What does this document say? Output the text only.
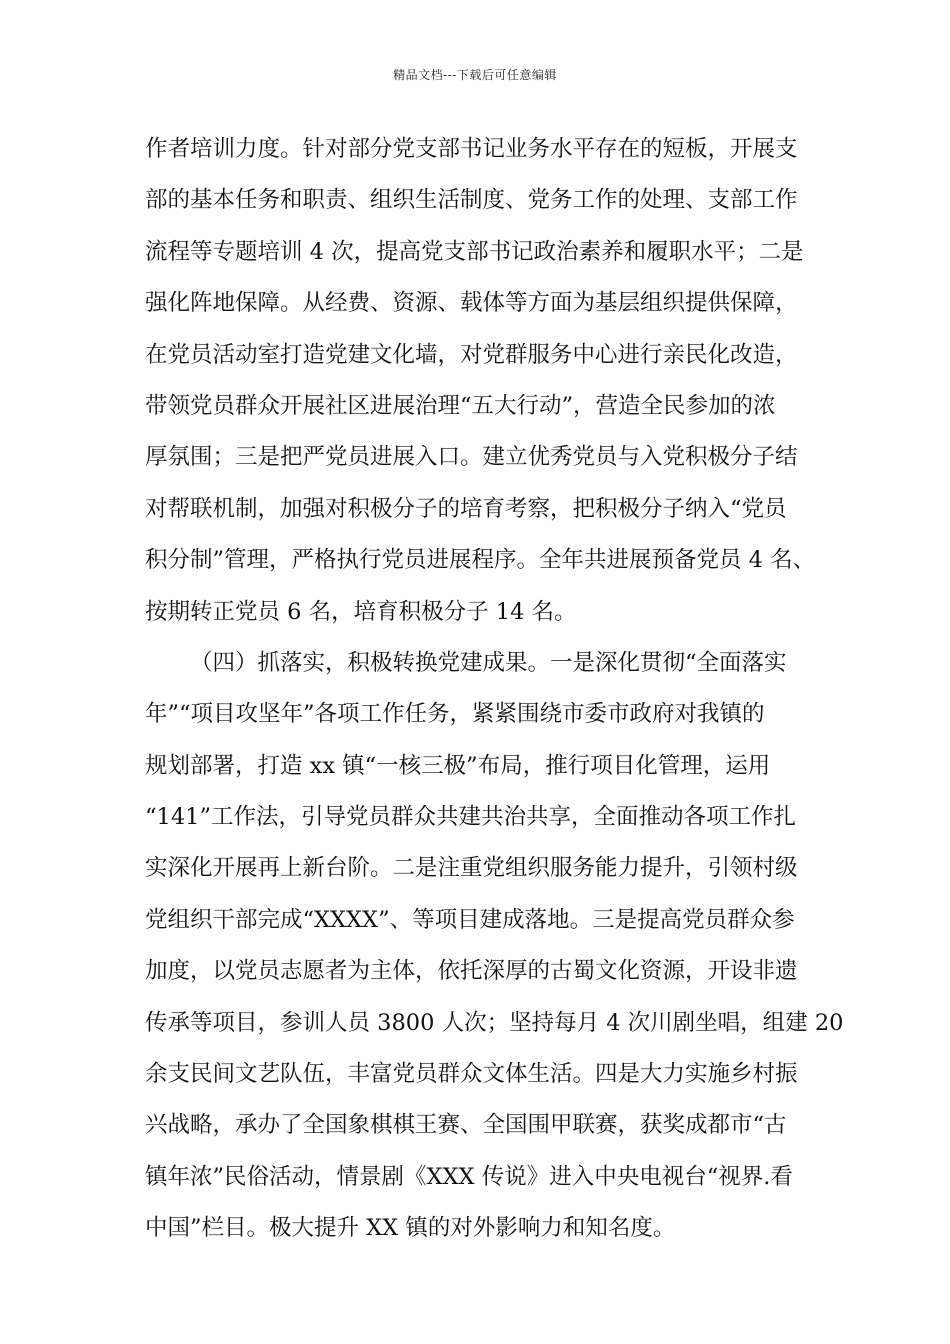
精品文档---下载后可任意编辑
作者培训力度。针对部分党支部书记业务水平存在的短板，开展支
部的基本任务和职责、组织生活制度、党务工作的处理、支部工作
流程等专题培训 4 次，提高党支部书记政治素养和履职水平；二是
强化阵地保障。从经费、资源、载体等方面为基层组织提供保障，
在党员活动室打造党建文化墙，对党群服务中心进行亲民化改造，
带领党员群众开展社区进展治理“五大行动”，营造全民参加的浓
厚氛围；三是把严党员进展入口。建立优秀党员与入党积极分子结
对帮联机制，加强对积极分子的培育考察，把积极分子纳入“党员
积分制”管理，严格执行党员进展程序。全年共进展预备党员 4 名、
按期转正党员 6 名，培育积极分子 14 名。
（四）抓落实，积极转换党建成果。一是深化贯彻“全面落实
年”“项目攻坚年”各项工作任务，紧紧围绕市委市政府对我镇的
规划部署，打造 xx 镇“一核三极”布局，推行项目化管理，运用
“141”工作法，引导党员群众共建共治共享，全面推动各项工作扎
实深化开展再上新台阶。二是注重党组织服务能力提升，引领村级
党组织干部完成“XXXX”、等项目建成落地。三是提高党员群众参
加度，以党员志愿者为主体，依托深厚的古蜀文化资源，开设非遗
传承等项目，参训人员 3800 人次；坚持每月 4 次川剧坐唱，组建 20
余支民间文艺队伍，丰富党员群众文体生活。四是大力实施乡村振
兴战略，承办了全国象棋棋王赛、全国围甲联赛，获奖成都市“古
镇年浓”民俗活动，情景剧《XXX 传说》进入中央电视台“视界.看
中国”栏目。极大提升 XX 镇的对外影响力和知名度。
